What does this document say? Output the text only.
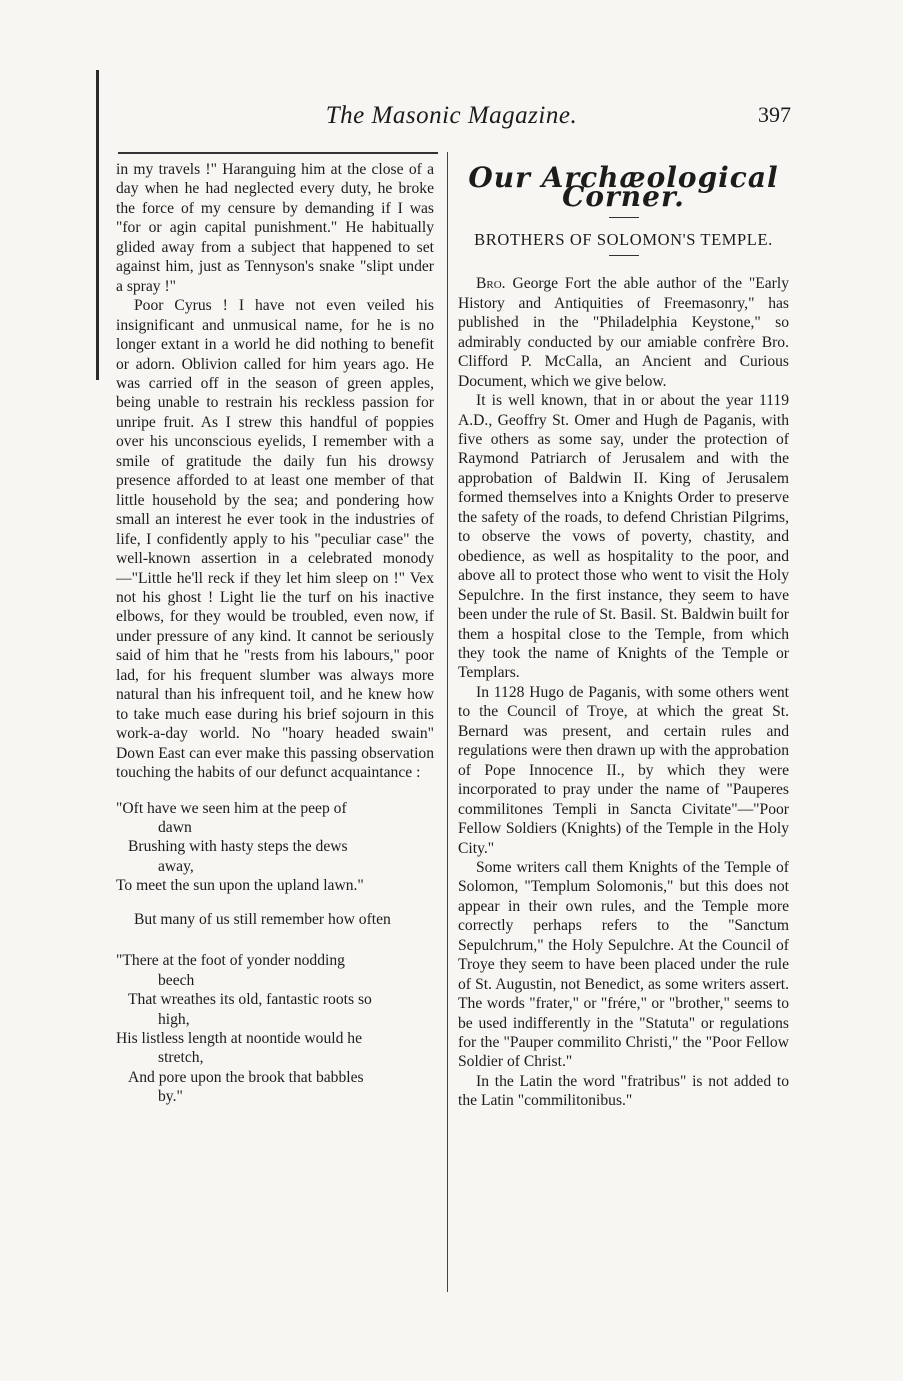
The Masonic Magazine.	397

in my travels !" Haranguing him at the close of a day when he had neglected every duty, he broke the force of my censure by demanding if I was "for or agin capital punishment." He habitually glided away from a subject that happened to set against him, just as Tennyson's snake "slipt under a spray !"

Poor Cyrus ! I have not even veiled his insignificant and unmusical name, for he is no longer extant in a world he did nothing to benefit or adorn. Oblivion called for him years ago. He was carried off in the season of green apples, being unable to restrain his reckless passion for unripe fruit. As I strew this handful of poppies over his unconscious eyelids, I remember with a smile of gratitude the daily fun his drowsy presence afforded to at least one member of that little household by the sea; and pondering how small an interest he ever took in the industries of life, I confidently apply to his "peculiar case" the well-known assertion in a celebrated monody—"Little he'll reck if they let him sleep on !" Vex not his ghost ! Light lie the turf on his inactive elbows, for they would be troubled, even now, if under pressure of any kind. It cannot be seriously said of him that he "rests from his labours," poor lad, for his frequent slumber was always more natural than his infrequent toil, and he knew how to take much ease during his brief sojourn in this work-a-day world. No "hoary headed swain" Down East can ever make this passing observation touching the habits of our defunct acquaintance :

"Oft have we seen him at the peep of
dawn
Brushing with hasty steps the dews
away,
To meet the sun upon the upland lawn."

But many of us still remember how often

"There at the foot of yonder nodding
beech
That wreathes its old, fantastic roots so
high,
His listless length at noontide would he
stretch,
And pore upon the brook that babbles
by."
Our Archæological Corner.
BROTHERS OF SOLOMON'S TEMPLE.

Bro. George Fort the able author of the "Early History and Antiquities of Freemasonry," has published in the "Philadelphia Keystone," so admirably conducted by our amiable confrère Bro. Clifford P. McCalla, an Ancient and Curious Document, which we give below.

It is well known, that in or about the year 1119 A.D., Geoffry St. Omer and Hugh de Paganis, with five others as some say, under the protection of Raymond Patriarch of Jerusalem and with the approbation of Baldwin II. King of Jerusalem formed themselves into a Knights Order to preserve the safety of the roads, to defend Christian Pilgrims, to observe the vows of poverty, chastity, and obedience, as well as hospitality to the poor, and above all to protect those who went to visit the Holy Sepulchre. In the first instance, they seem to have been under the rule of St. Basil. St. Baldwin built for them a hospital close to the Temple, from which they took the name of Knights of the Temple or Templars.

In 1128 Hugo de Paganis, with some others went to the Council of Troye, at which the great St. Bernard was present, and certain rules and regulations were then drawn up with the approbation of Pope Innocence II., by which they were incorporated to pray under the name of "Pauperes commilitones Templi in Sancta Civitate"—"Poor Fellow Soldiers (Knights) of the Temple in the Holy City."

Some writers call them Knights of the Temple of Solomon, "Templum Solomonis," but this does not appear in their own rules, and the Temple more correctly perhaps refers to the "Sanctum Sepulchrum," the Holy Sepulchre. At the Council of Troye they seem to have been placed under the rule of St. Augustin, not Benedict, as some writers assert. The words "frater," or "frére," or "brother," seems to be used indifferently in the "Statuta" or regulations for the "Pauper commilito Christi," the "Poor Fellow Soldier of Christ."

In the Latin the word "fratribus" is not added to the Latin "commilitonibus."
